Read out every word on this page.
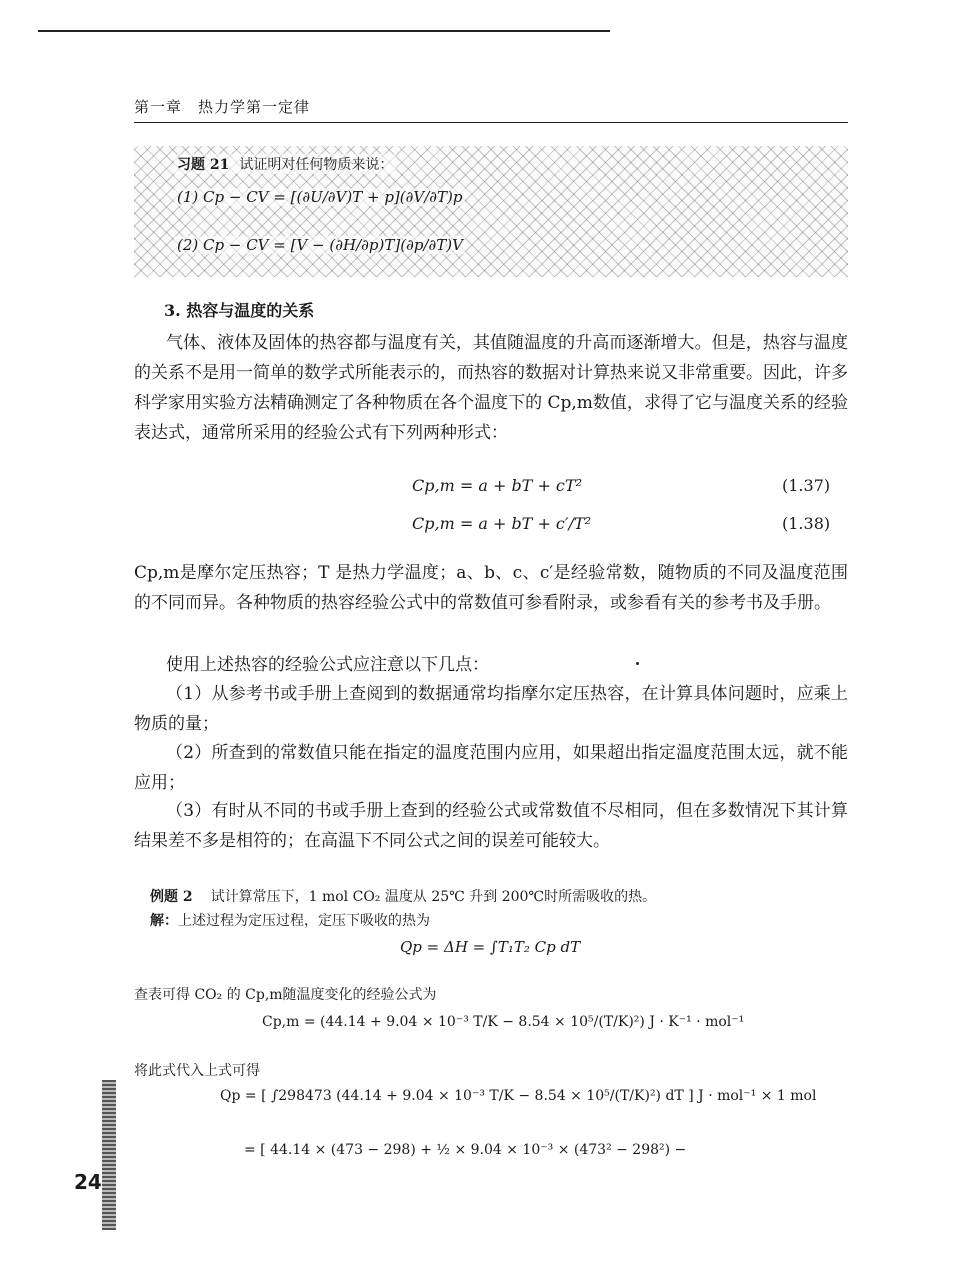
第一章　热力学第一定律
习题 21 试证明对任何物质来说：
(1) Cp − CV = [(∂U/∂V)T + p](∂V/∂T)p
(2) Cp − CV = [V − (∂H/∂p)T](∂p/∂T)V
3. 热容与温度的关系
气体、液体及固体的热容都与温度有关，其值随温度的升高而逐渐增大。但是，热容与温度的关系不是用一简单的数学式所能表示的，而热容的数据对计算热来说又非常重要。因此，许多科学家用实验方法精确测定了各种物质在各个温度下的 Cp,m数值，求得了它与温度关系的经验表达式，通常所采用的经验公式有下列两种形式：
Cp,m = a + bT + cT²	(1.37)
Cp,m = a + bT + c′/T²	(1.38)
Cp,m是摩尔定压热容；T 是热力学温度；a、b、c、c′是经验常数，随物质的不同及温度范围的不同而异。各种物质的热容经验公式中的常数值可参看附录，或参看有关的参考书及手册。
使用上述热容的经验公式应注意以下几点：
（1）从参考书或手册上查阅到的数据通常均指摩尔定压热容，在计算具体问题时，应乘上物质的量；
（2）所查到的常数值只能在指定的温度范围内应用，如果超出指定温度范围太远，就不能应用；
（3）有时从不同的书或手册上查到的经验公式或常数值不尽相同，但在多数情况下其计算结果差不多是相符的；在高温下不同公式之间的误差可能较大。
例题 2 试计算常压下，1 mol CO₂ 温度从 25℃ 升到 200℃时所需吸收的热。
解：上述过程为定压过程，定压下吸收的热为
Qp = ΔH = ∫T₁T₂ Cp dT
查表可得 CO₂ 的 Cp,m随温度变化的经验公式为
Cp,m = (44.14 + 9.04 × 10⁻³ T/K − 8.54 × 10⁵/(T/K)²) J · K⁻¹ · mol⁻¹
将此式代入上式可得
Qp = [ ∫298473 (44.14 + 9.04 × 10⁻³ T/K − 8.54 × 10⁵/(T/K)²) dT ] J · mol⁻¹ × 1 mol
= [ 44.14 × (473 − 298) + ½ × 9.04 × 10⁻³ × (473² − 298²) −
24
